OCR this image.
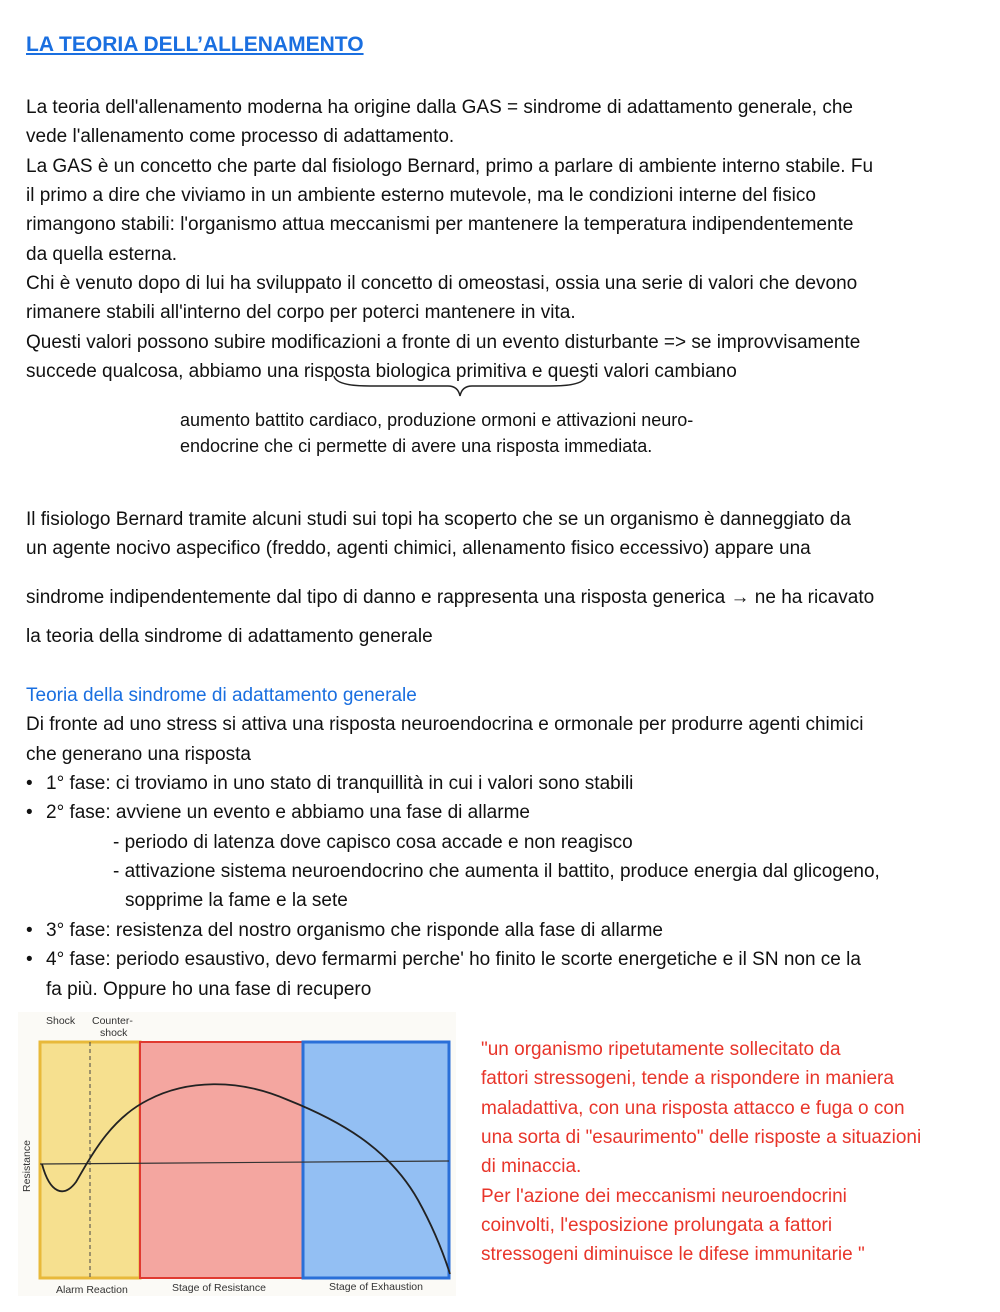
LA TEORIA DELL’ALLENAMENTO
La teoria dell'allenamento moderna ha origine dalla GAS = sindrome di adattamento generale, che
vede l'allenamento come processo di adattamento.
La GAS è un concetto che parte dal fisiologo Bernard, primo a parlare di ambiente interno stabile. Fu
il primo a dire che viviamo in un ambiente esterno mutevole, ma le condizioni interne del fisico
rimangono stabili: l'organismo attua meccanismi per mantenere la temperatura indipendentemente
da quella esterna.
Chi è venuto dopo di lui ha sviluppato il concetto di omeostasi, ossia una serie di valori che devono
rimanere stabili all'interno del corpo per poterci mantenere in vita.
Questi valori possono subire modificazioni a fronte di un evento disturbante => se improvvisamente
succede qualcosa, abbiamo una risposta biologica primitiva e questi valori cambiano
aumento battito cardiaco, produzione ormoni e attivazioni neuro-
endocrine che ci permette di avere una risposta immediata.
Il fisiologo Bernard tramite alcuni studi sui topi ha scoperto che se un organismo è danneggiato da
un agente nocivo aspecifico (freddo, agenti chimici, allenamento fisico eccessivo) appare una
sindrome indipendentemente dal tipo di danno e rappresenta una risposta generica → ne ha ricavato
la teoria della sindrome di adattamento generale
Teoria della sindrome di adattamento generale
Di fronte ad uno stress si attiva una risposta neuroendocrina e ormonale per produrre agenti chimici
che generano una risposta
• 1° fase: ci troviamo in uno stato di tranquillità in cui i valori sono stabili
• 2° fase: avviene un evento e abbiamo una fase di allarme
- periodo di latenza dove capisco cosa accade e non reagisco
- attivazione sistema neuroendocrino che aumenta il battito, produce energia dal glicogeno,
sopprime la fame e la sete
• 3° fase: resistenza del nostro organismo che risponde alla fase di allarme
• 4° fase: periodo esaustivo, devo fermarmi perche' ho finito le scorte energetiche e il SN non ce la
fa più. Oppure ho una fase di recupero
Shock Counter-
shock
Resistance
Alarm Reaction	Stage of Resistance	Stage of Exhaustion
"un organismo ripetutamente sollecitato da
fattori stressogeni, tende a rispondere in maniera
maladattiva, con una risposta attacco e fuga o con
una sorta di "esaurimento" delle risposte a situazioni
di minaccia.
Per l'azione dei meccanismi neuroendocrini
coinvolti, l'esposizione prolungata a fattori
stressogeni diminuisce le difese immunitarie "
